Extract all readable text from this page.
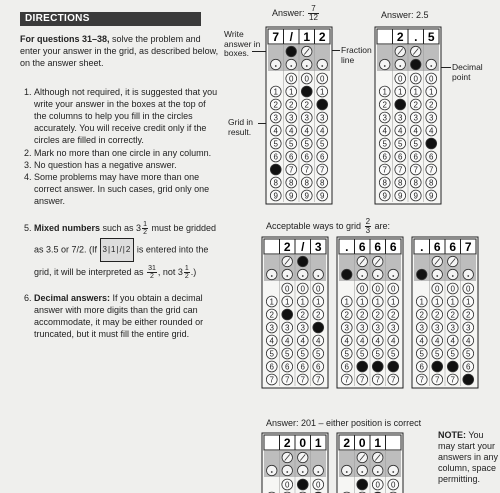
DIRECTIONS

For questions 31–38, solve the problem and enter your answer in the grid, as described below, on the answer sheet.

1. Although not required, it is suggested that you write your answer in the boxes at the top of the columns to help you fill in the circles accurately. You will receive credit only if the circles are filled in correctly.
2. Mark no more than one circle in any column.
3. No question has a negative answer.
4. Some problems may have more than one correct answer. In such cases, grid only one answer.
5. Mixed numbers such as $3 \frac{1}{2}$ must be gridded
as 3.5 or 7/2. (If 3|1|/|2 is entered into the
grid, it will be interpreted as $\frac{31}{2}$ , not $3 \frac{1}{2}$ .)
6. Decimal answers: If you obtain a decimal answer with more digits than the grid can accommodate, it may be either rounded or truncated, but it must fill the entire grid.
Answer: $\frac{7}{12}$	Answer: 2.5
Write answer in boxes.	Fraction line
Decimal point
Grid in result.
7 / 1 2
0 0 0
1 1	1
2 2 2
3 3 3 3
4 4 4 4
5 5 5 5
6 6 6 6
7 7 7
8 8 8 8
9 9 9 9
2 . 5
0 0 0
1 1 1 1
2	2 2
3 3 3 3
4 4 4 4
5 5 5
6 6 6 6
7 7 7 7
8 8 8 8
9 9 9 9
Acceptable ways to grid $\frac{2}{3}$ are:
2 / 3
0 0 0
1 1 1 1
2	2 2
3 3 3
4 4 4 4
5 5 5 5
6 6 6 6
7 7 7 7
. 6 6 6
0 0 0
1 1 1 1
2 2 2 2
3 3 3 3
4 4 4 4
5 5 5 5
6
7 7 7 7
. 6 6 7
0 0 0
1 1 1 1
2 2 2 2
3 3 3 3
4 4 4 4
5 5 5 5
6	6
7 7 7
Answer: 201 – either position is correct
2 0 1
0	0
2 0 1
0 0
NOTE: You may start your answers in any column, space permitting.
